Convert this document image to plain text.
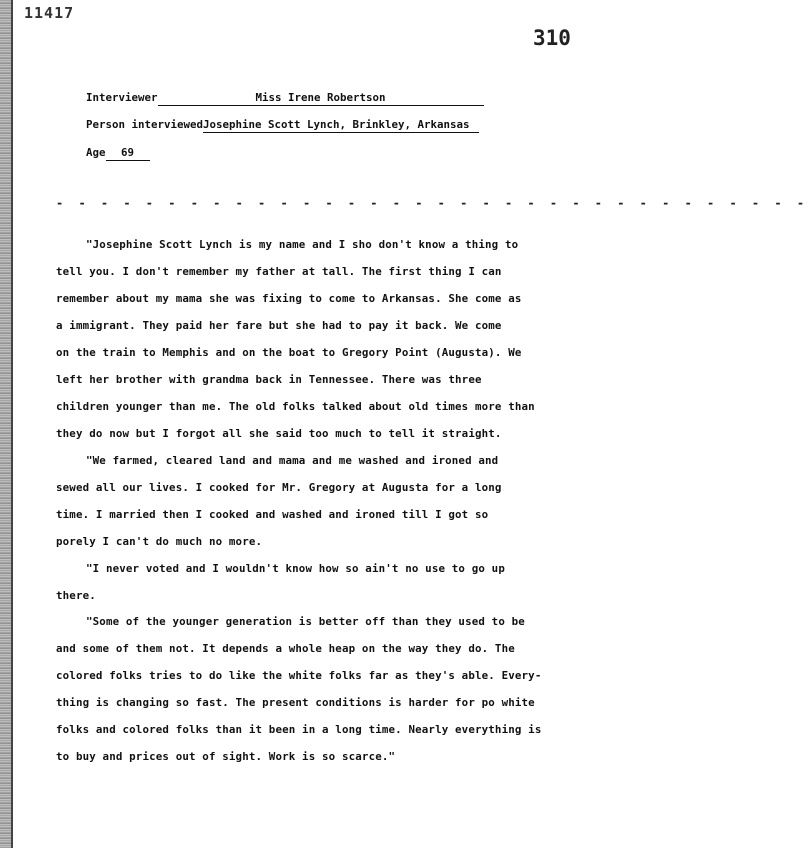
11417
310
Interviewer	Miss Irene Robertson
Person interviewedJosephine Scott Lynch, Brinkley, Arkansas
Age 69
- - - - - - - - - - - - - - - - - - - - - - - - - - - - - - - - - -
"Josephine Scott Lynch is my name and I sho don't know a thing to
tell you. I don't remember my father at tall. The first thing I can
remember about my mama she was fixing to come to Arkansas. She come as
a immigrant. They paid her fare but she had to pay it back. We come
on the train to Memphis and on the boat to Gregory Point (Augusta). We
left her brother with grandma back in Tennessee. There was three
children younger than me. The old folks talked about old times more than
they do now but I forgot all she said too much to tell it straight.
"We farmed, cleared land and mama and me washed and ironed and
sewed all our lives. I cooked for Mr. Gregory at Augusta for a long
time. I married then I cooked and washed and ironed till I got so
porely I can't do much no more.
"I never voted and I wouldn't know how so ain't no use to go up
there.
"Some of the younger generation is better off than they used to be
and some of them not. It depends a whole heap on the way they do. The
colored folks tries to do like the white folks far as they's able. Every-
thing is changing so fast. The present conditions is harder for po white
folks and colored folks than it been in a long time. Nearly everything is
to buy and prices out of sight. Work is so scarce."
